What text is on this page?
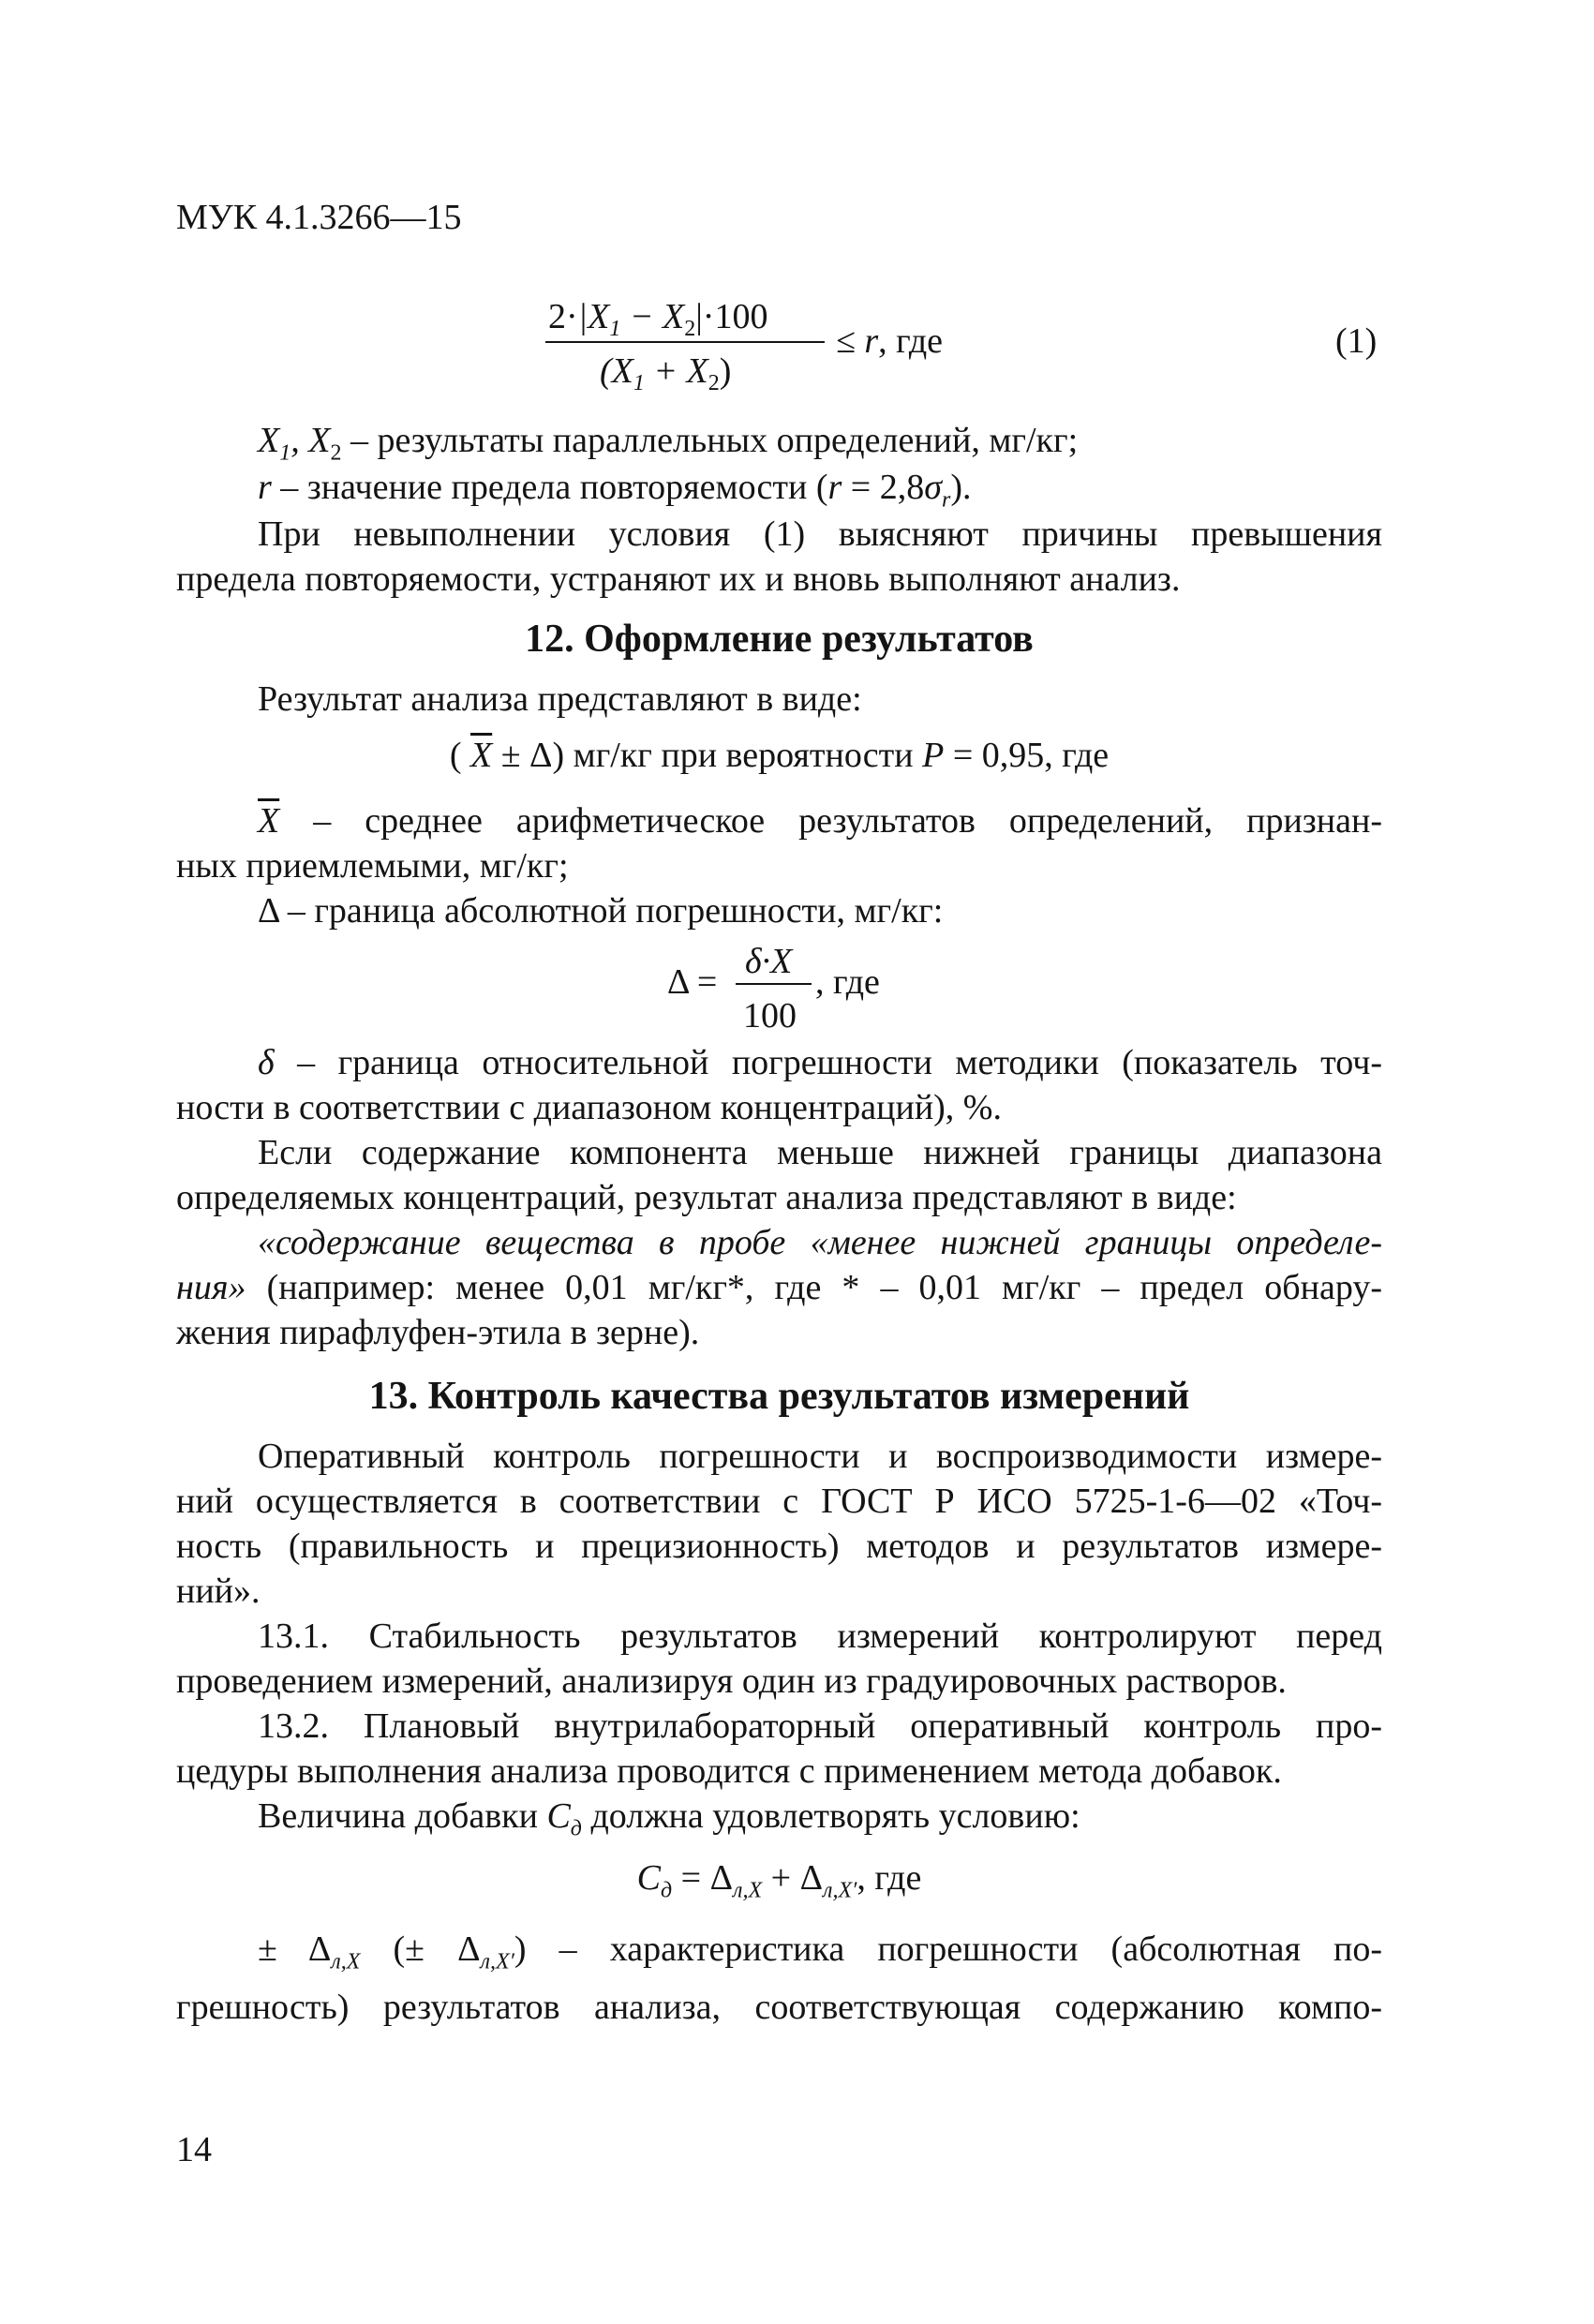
МУК 4.1.3266—15
$2\cdot|X_1 - X_2|\cdot 100$
$(X_1 + X_2)$
≤ r, где	(1)
$X_1$, $X_2$ – результаты параллельных определений, мг/кг;
r – значение предела повторяемости $(r = 2,8\sigma_r)$.
При невыполнении условия (1) выясняют причины превышения
предела повторяемости, устраняют их и вновь выполняют анализ.
12. Оформление результатов
Результат анализа представляют в виде:
( $\overline{X} \pm \Delta$) мг/кг при вероятности P = 0,95, где
$\overline{X}$ – среднее арифметическое результатов определений, признан-
ных приемлемыми, мг/кг;
Δ – граница абсолютной погрешности, мг/кг:
Δ =
δ·X
100
, где
δ – граница относительной погрешности методики (показатель точ-
ности в соответствии с диапазоном концентраций), %.
Если содержание компонента меньше нижней границы диапазона
определяемых концентраций, результат анализа представляют в виде:
«содержание вещества в пробе «менее нижней границы определе-
ния» (например: менее 0,01 мг/кг*, где * – 0,01 мг/кг – предел обнару-
жения пирафлуфен-этила в зерне).
13. Контроль качества результатов измерений
Оперативный контроль погрешности и воспроизводимости измере-
ний осуществляется в соответствии с ГОСТ Р ИСО 5725-1-6—02 «Точ-
ность (правильность и прецизионность) методов и результатов измере-
ний».
13.1. Стабильность результатов измерений контролируют перед
проведением измерений, анализируя один из градуировочных растворов.
13.2. Плановый внутрилабораторный оперативный контроль про-
цедуры выполнения анализа проводится с применением метода добавок.
Величина добавки $C_д$ должна удовлетворять условию:
$C_д = \Delta_{л,X} + \Delta_{л,X'}$, где
± $\Delta_{л,X}$ (± $\Delta_{л,X'}$) – характеристика погрешности (абсолютная по-
грешность) результатов анализа, соответствующая содержанию компо-
14
